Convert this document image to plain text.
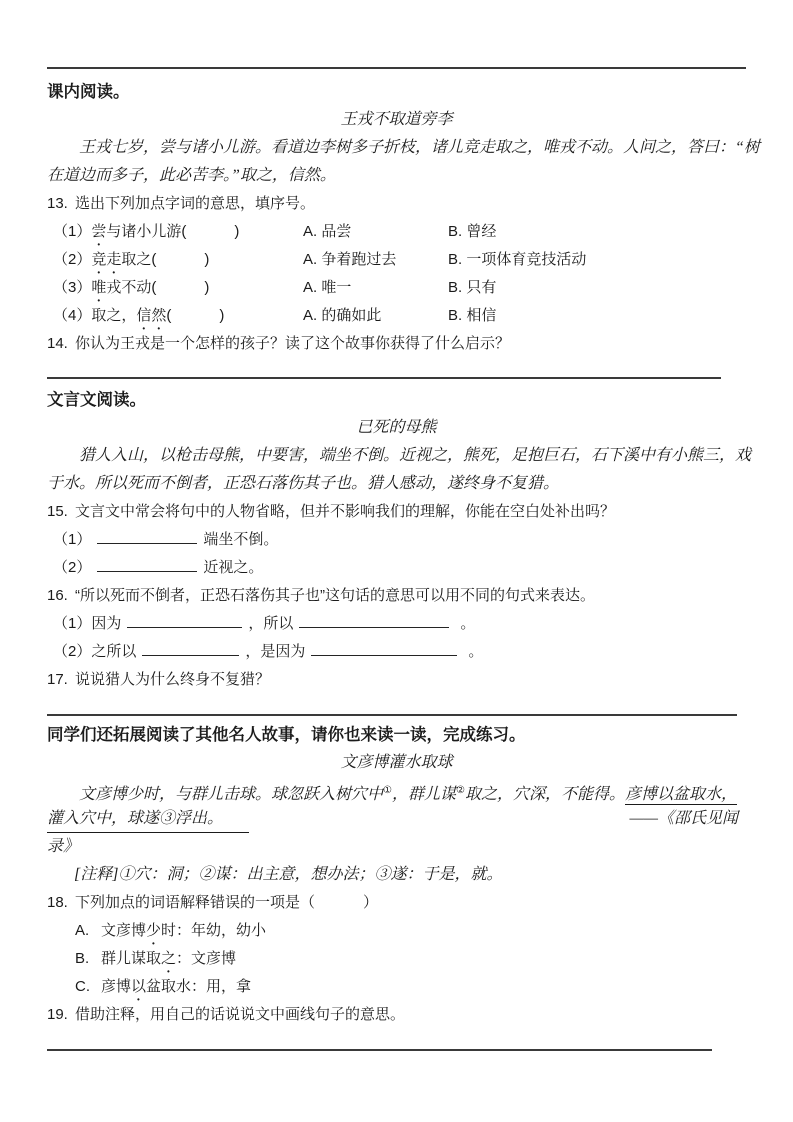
课内阅读。
王戎不取道旁李
王戎七岁，尝与诸小儿游。看道边李树多子折枝，诸儿竞走取之，唯戎不动。人问之，答曰：“树
在道边而多子，此必苦李。”取之，信然。
13. 选出下列加点字词的意思，填序号。
（1）尝与诸小儿游(	)	A. 品尝	B. 曾经
（2）竞走取之(	)	A. 争着跑过去	B. 一项体育竞技活动
（3）唯戎不动(	)	A. 唯一	B. 只有
（4）取之，信然(	)	A. 的确如此	B. 相信
14. 你认为王戎是一个怎样的孩子？读了这个故事你获得了什么启示？
文言文阅读。
已死的母熊
猎人入山，以枪击母熊，中要害，端坐不倒。近视之，熊死，足抱巨石，石下溪中有小熊三，戏
于水。所以死而不倒者，正恐石落伤其子也。猎人感动，遂终身不复猎。
15. 文言文中常会将句中的人物省略，但并不影响我们的理解，你能在空白处补出吗？
（1）	端坐不倒。
（2）	近视之。
16. “所以死而不倒者，正恐石落伤其子也”这句话的意思可以用不同的句式来表达。
（1）因为	，所以	。
（2）之所以	，是因为	。
17. 说说猎人为什么终身不复猎？
同学们还拓展阅读了其他名人故事，请你也来读一读，完成练习。
文彦博灌水取球
文彦博少时，与群儿击球。球忽跃入树穴中①，群儿谋②取之，穴深，不能得。彦博以盆取水，
灌入穴中，球遂③浮出。	——《邵氏见闻
录》
[注释]①穴：洞；②谋：出主意，想办法；③遂：于是，就。
18. 下列加点的词语解释错误的一项是（	）
A. 文彦博少时：年幼，幼小
B. 群儿谋取之：文彦博
C. 彦博以盆取水：用，拿
19. 借助注释，用自己的话说说文中画线句子的意思。
